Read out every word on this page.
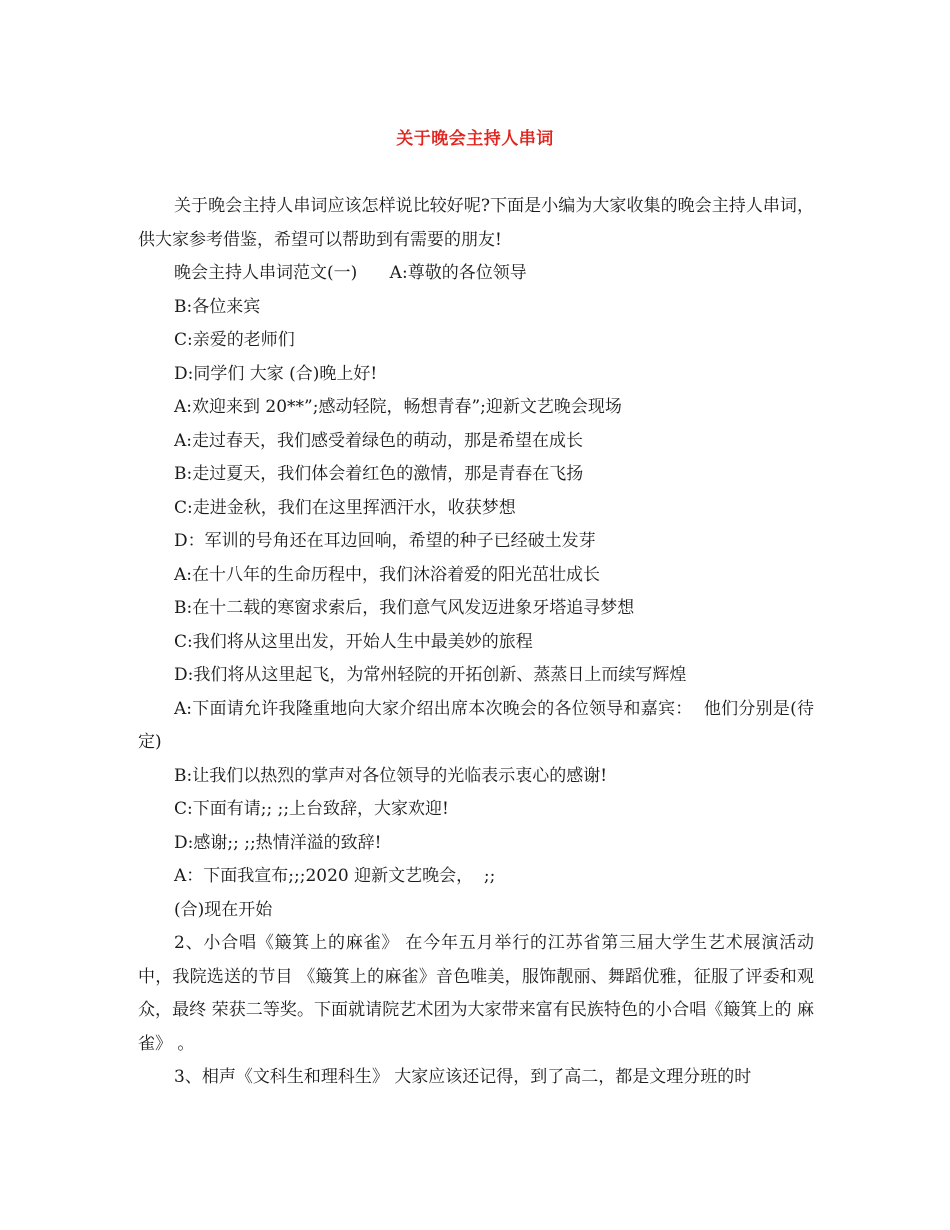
关于晚会主持人串词

关于晚会主持人串词应该怎样说比较好呢?下面是小编为大家收集的晚会主持人串词，供大家参考借鉴，希望可以帮助到有需要的朋友!

晚会主持人串词范文(一)      A:尊敬的各位领导

B:各位来宾

C:亲爱的老师们

D:同学们 大家 (合)晚上好!

A:欢迎来到 20**”;感动轻院，畅想青春”;迎新文艺晚会现场

A:走过春天，我们感受着绿色的萌动，那是希望在成长

B:走过夏天，我们体会着红色的激情，那是青春在飞扬

C:走进金秋，我们在这里挥洒汗水，收获梦想

D：军训的号角还在耳边回响，希望的种子已经破土发芽

A:在十八年的生命历程中，我们沐浴着爱的阳光茁壮成长

B:在十二载的寒窗求索后，我们意气风发迈进象牙塔追寻梦想

C:我们将从这里出发，开始人生中最美妙的旅程

D:我们将从这里起飞，为常州轻院的开拓创新、蒸蒸日上而续写辉煌

A:下面请允许我隆重地向大家介绍出席本次晚会的各位领导和嘉宾：  他们分别是(待定)

B:让我们以热烈的掌声对各位领导的光临表示衷心的感谢!

C:下面有请;; ;;上台致辞，大家欢迎!

D:感谢;; ;;热情洋溢的致辞!

A：下面我宣布;;;2020 迎新文艺晚会，  ;;

(合)现在开始

2、小合唱《簸箕上的麻雀》 在今年五月举行的江苏省第三届大学生艺术展演活动中，我院选送的节目 《簸箕上的麻雀》音色唯美，服饰靓丽、舞蹈优雅，征服了评委和观众，最终 荣获二等奖。下面就请院艺术团为大家带来富有民族特色的小合唱《簸箕上的 麻雀》 。

3、相声《文科生和理科生》 大家应该还记得，到了高二，都是文理分班的时
